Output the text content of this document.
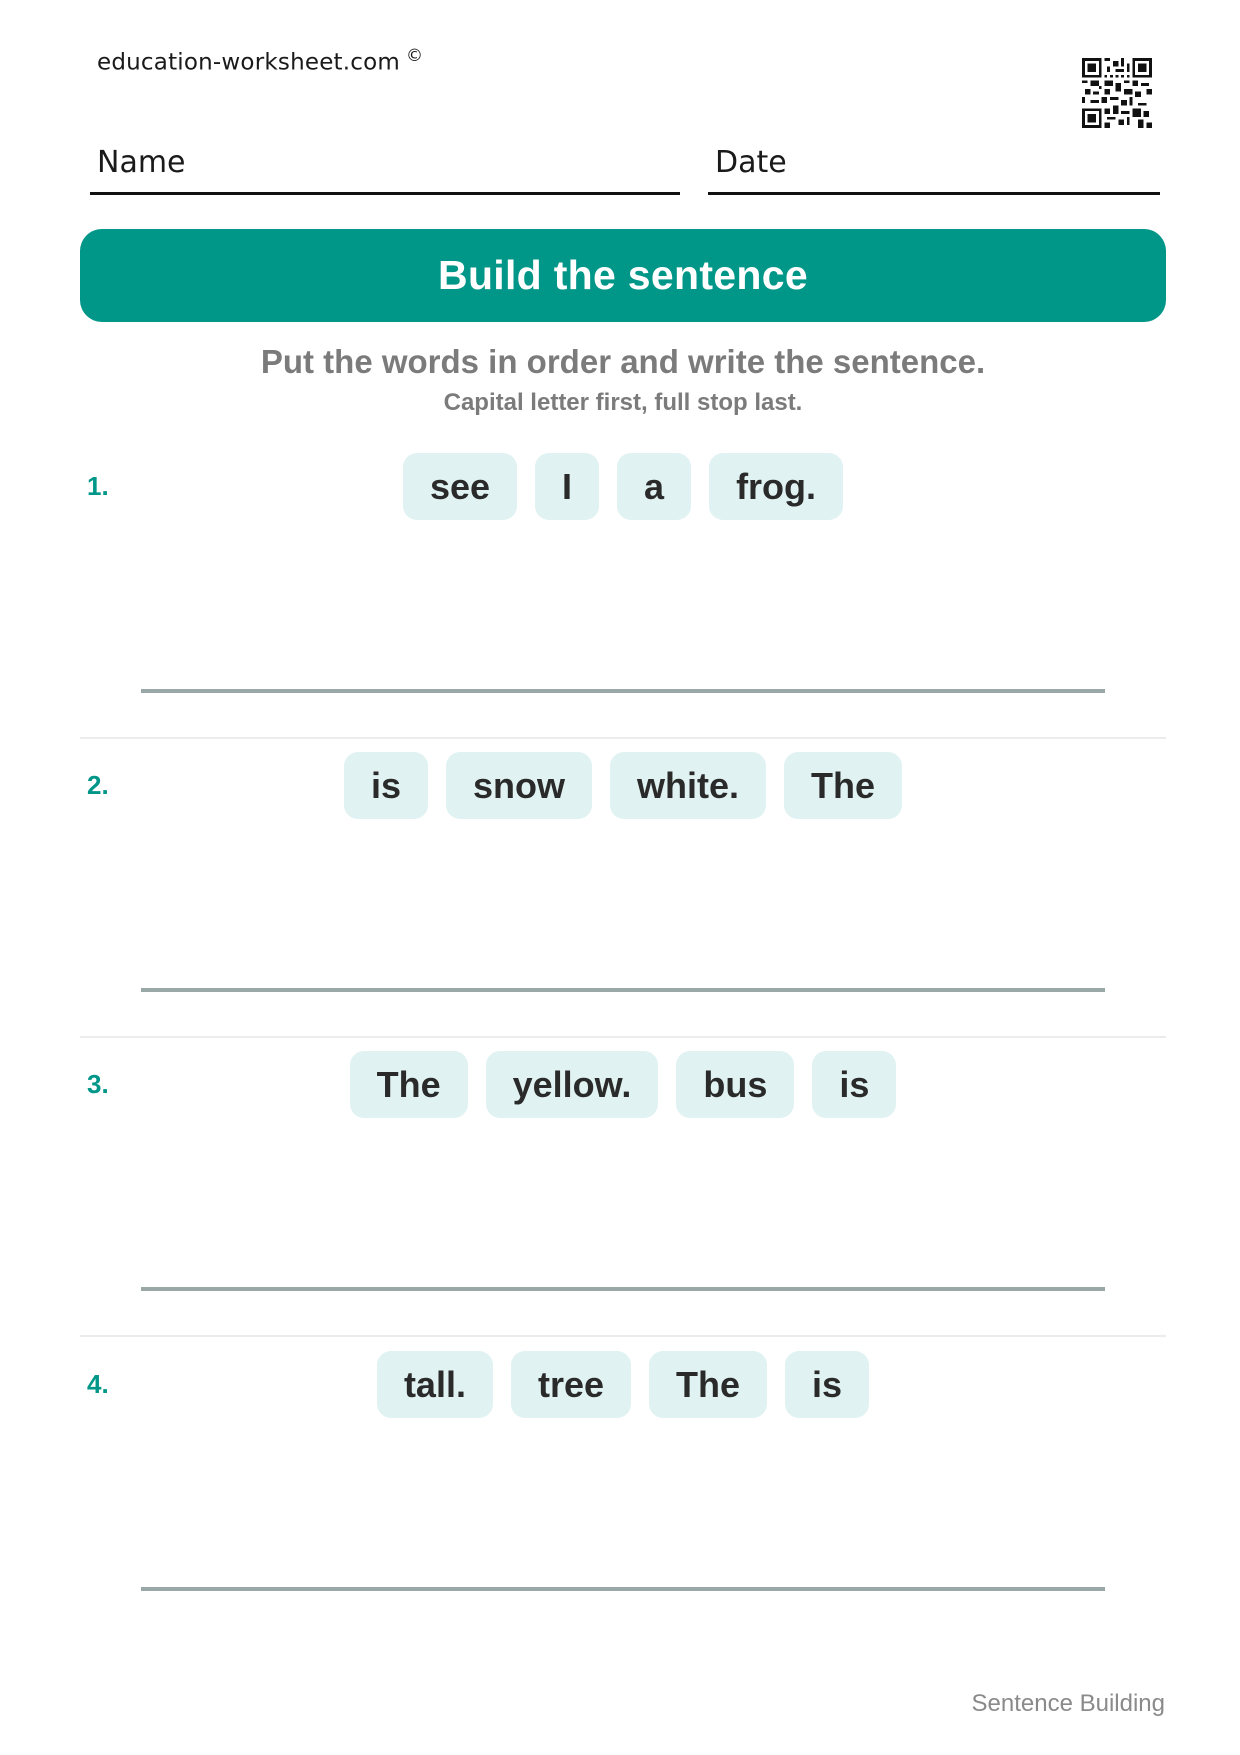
education-worksheet.com ©
Name	Date
Build the sentence
Put the words in order and write the sentence.
Capital letter first, full stop last.
1.	see	I	a	frog.
2.	is	snow	white.	The
3.	The	yellow.	bus	is
4.	tall.	tree	The	is
Sentence Building
